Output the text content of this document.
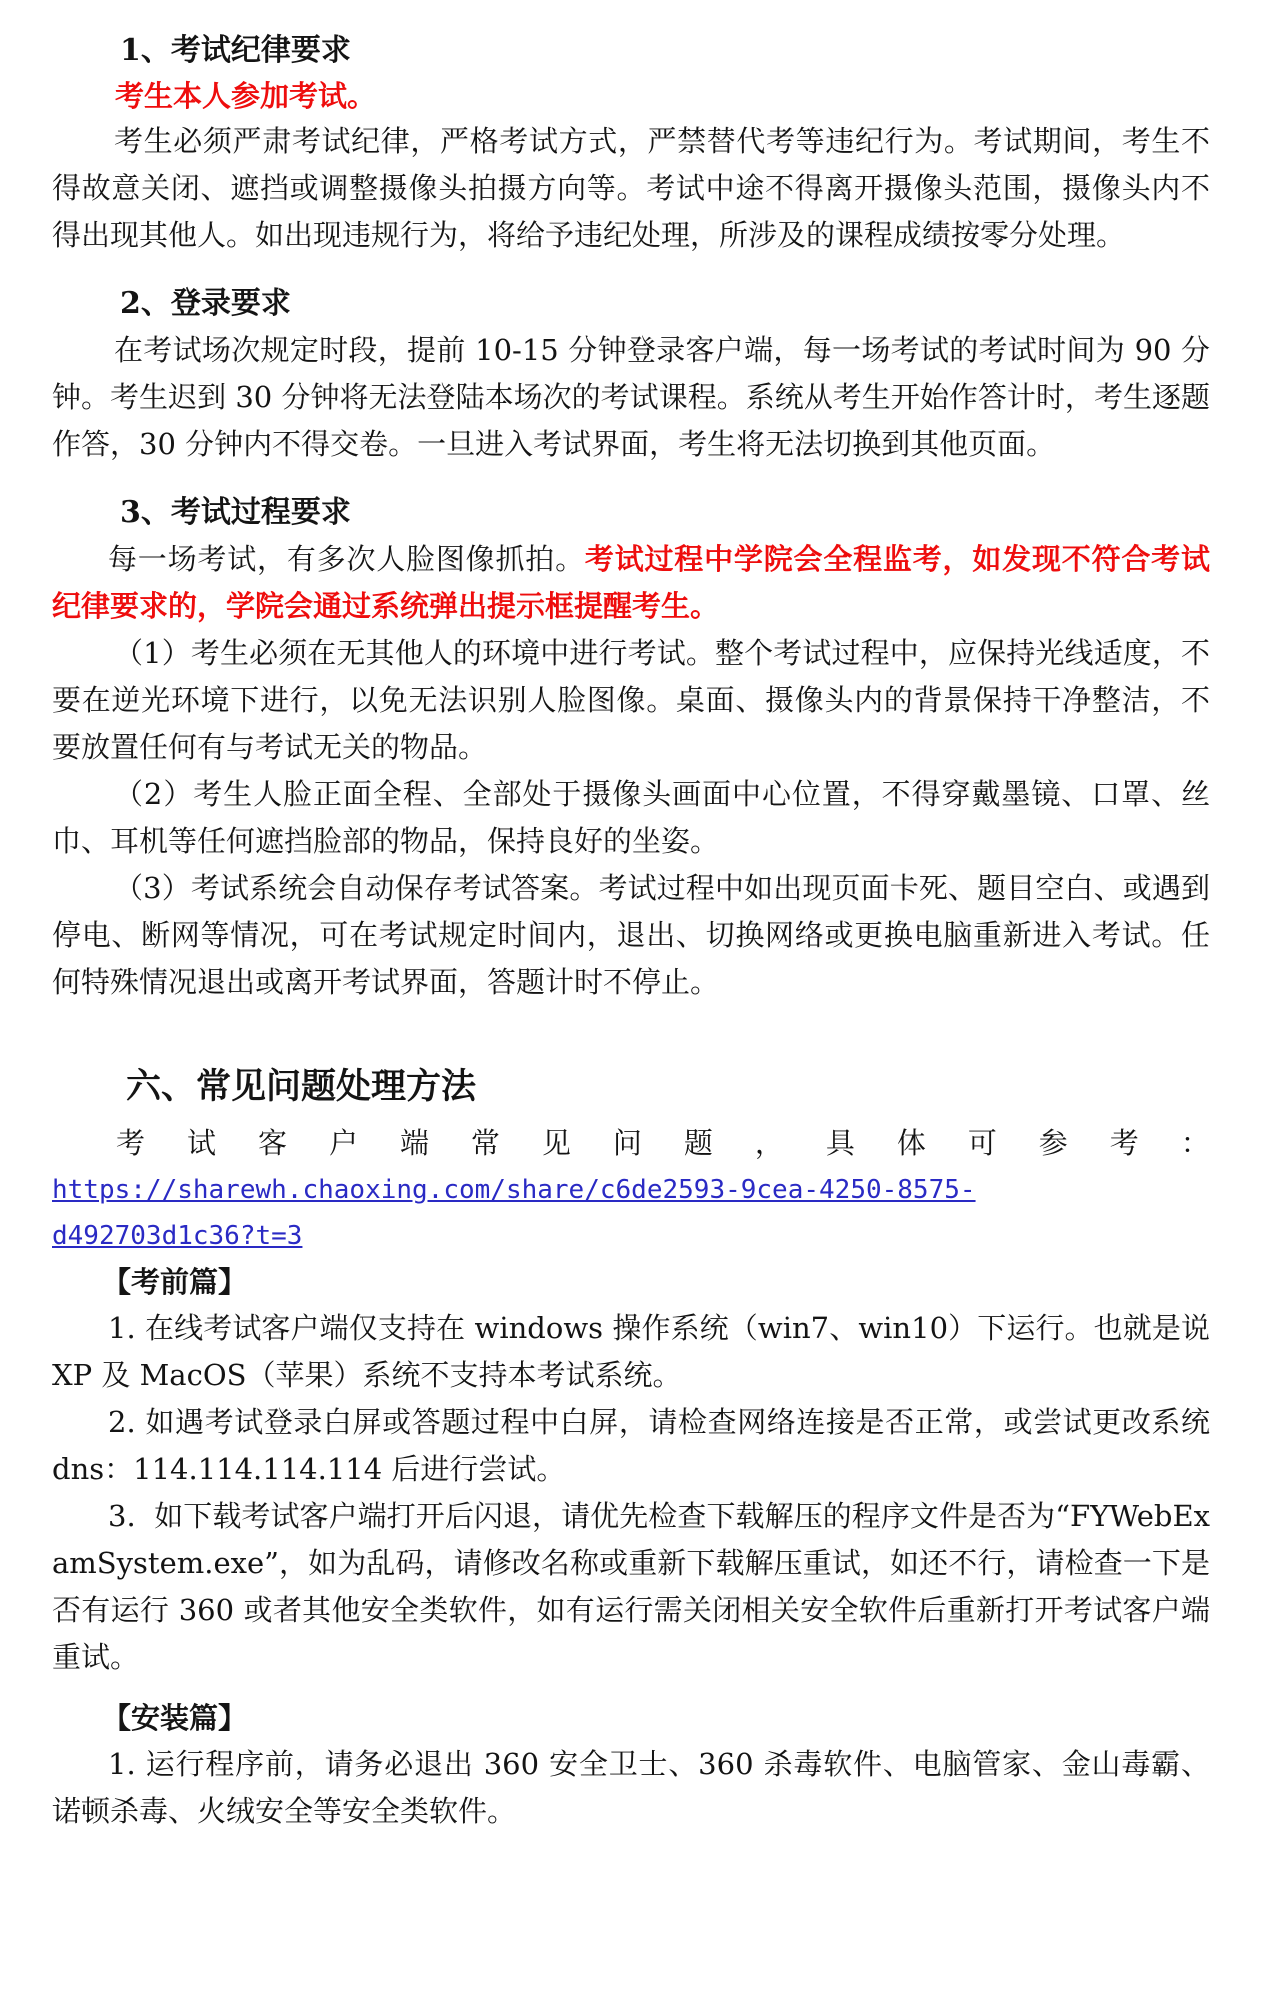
1、考试纪律要求

考生本人参加考试。

考生必须严肃考试纪律，严格考试方式，严禁替代考等违纪行为。考试期间，考生不得故意关闭、遮挡或调整摄像头拍摄方向等。考试中途不得离开摄像头范围，摄像头内不得出现其他人。如出现违规行为，将给予违纪处理，所涉及的课程成绩按零分处理。

2、登录要求

在考试场次规定时段，提前 10-15 分钟登录客户端，每一场考试的考试时间为 90 分钟。考生迟到 30 分钟将无法登陆本场次的考试课程。系统从考生开始作答计时，考生逐题作答，30 分钟内不得交卷。一旦进入考试界面，考生将无法切换到其他页面。

3、考试过程要求

每一场考试，有多次人脸图像抓拍。考试过程中学院会全程监考，如发现不符合考试纪律要求的，学院会通过系统弹出提示框提醒考生。

（1）考生必须在无其他人的环境中进行考试。整个考试过程中，应保持光线适度，不要在逆光环境下进行，以免无法识别人脸图像。桌面、摄像头内的背景保持干净整洁，不要放置任何有与考试无关的物品。

（2）考生人脸正面全程、全部处于摄像头画面中心位置，不得穿戴墨镜、口罩、丝巾、耳机等任何遮挡脸部的物品，保持良好的坐姿。

（3）考试系统会自动保存考试答案。考试过程中如出现页面卡死、题目空白、或遇到停电、断网等情况，可在考试规定时间内，退出、切换网络或更换电脑重新进入考试。任何特殊情况退出或离开考试界面，答题计时不停止。

六、常见问题处理方法

考 试 客 户 端 常 见 问 题 ， 具 体 可 参 考 ：

https://sharewh.chaoxing.com/share/c6de2593-9cea-4250-8575-
d492703d1c36?t=3

【考前篇】

1. 在线考试客户端仅支持在 windows 操作系统（win7、win10）下运行。也就是说 XP 及 MacOS（苹果）系统不支持本考试系统。

2. 如遇考试登录白屏或答题过程中白屏，请检查网络连接是否正常，或尝试更改系统 dns：114.114.114.114 后进行尝试。

3.  如下载考试客户端打开后闪退，请优先检查下载解压的程序文件是否为“FYWebExamSystem.exe”，如为乱码，请修改名称或重新下载解压重试，如还不行，请检查一下是否有运行 360 或者其他安全类软件，如有运行需关闭相关安全软件后重新打开考试客户端重试。

【安装篇】

1. 运行程序前，请务必退出 360 安全卫士、360 杀毒软件、电脑管家、金山毒霸、诺顿杀毒、火绒安全等安全类软件。
